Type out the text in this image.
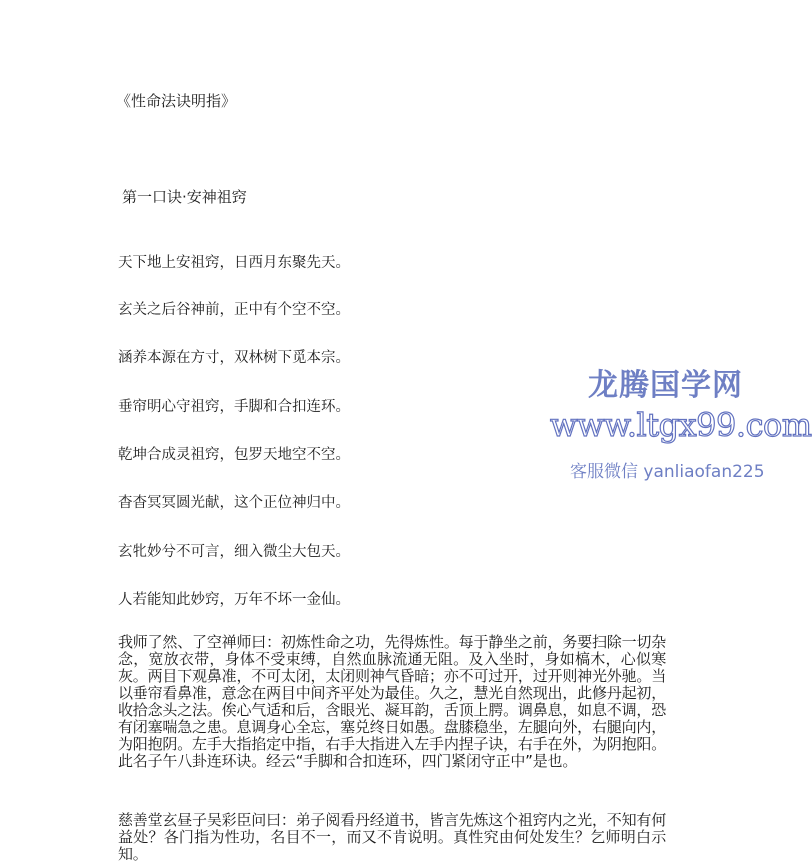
《性命法诀明指》
第一口诀·安神祖窍
天下地上安祖窍，日西月东聚先天。
玄关之后谷神前，正中有个空不空。
涵养本源在方寸，双林树下觅本宗。
垂帘明心守祖窍，手脚和合扣连环。
乾坤合成灵祖窍，包罗天地空不空。
杳杳冥冥圆光献，这个正位神归中。
玄牝妙兮不可言，细入微尘大包天。
人若能知此妙窍，万年不坏一金仙。
我师了然、了空禅师曰：初炼性命之功，先得炼性。每于静坐之前，务要扫除一切杂念，宽放衣带，身体不受束缚，自然血脉流通无阻。及入坐时，身如槁木，心似寒灰。两目下观鼻准，不可太闭，太闭则神气昏暗；亦不可过开，过开则神光外驰。当以垂帘看鼻准，意念在两目中间齐平处为最佳。久之，慧光自然现出，此修丹起初，收拾念头之法。俟心气适和后，含眼光、凝耳韵，舌顶上腭。调鼻息，如息不调，恐有闭塞喘急之患。息调身心全忘，塞兑终日如愚。盘膝稳坐，左腿向外，右腿向内，为阳抱阴。左手大指掐定中指，右手大指进入左手内捏子诀，右手在外，为阴抱阳。此名子午八卦连环诀。经云“手脚和合扣连环，四门紧闭守正中”是也。
慈善堂玄昼子吴彩臣问曰：弟子阅看丹经道书，皆言先炼这个祖窍内之光，不知有何益处？各门指为性功，名目不一，而又不肯说明。真性究由何处发生？乞师明白示知。
龙腾国学网
www.ltgx99.com
客服微信 yanliaofan225
